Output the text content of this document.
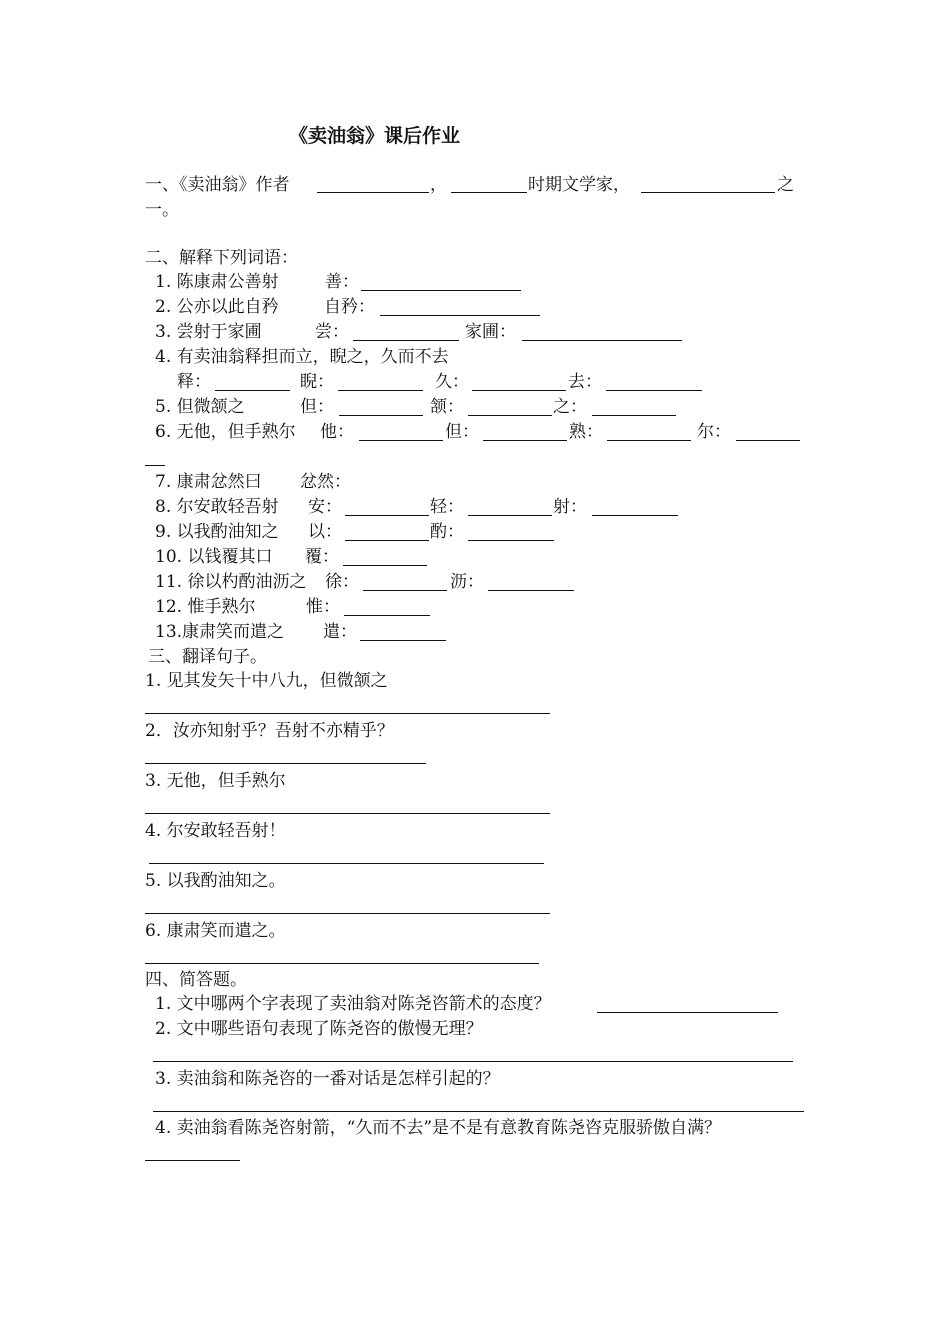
《卖油翁》课后作业
一、《卖油翁》作者	，	时期文学家，	之
一。
二、解释下列词语：
1. 陈康肃公善射	善：
2. 公亦以此自矜	自矜：
3. 尝射于家圃	尝：	家圃：
4. 有卖油翁释担而立，睨之，久而不去
释：	睨：	久：	去：
5. 但微颔之	但：	颔：	之：
6. 无他，但手熟尔 他：	但：	熟：	尔：
7. 康肃忿然曰 忿然：
8. 尔安敢轻吾射 安：	轻：	射：
9. 以我酌油知之 以：	酌：
10. 以钱覆其口 覆：
11. 徐以杓酌油沥之 徐：	沥：
12. 惟手熟尔	惟：
13.康肃笑而遣之 遣：
三、翻译句子。
1. 见其发矢十中八九，但微颔之
2．汝亦知射乎？吾射不亦精乎？
3. 无他，但手熟尔
4. 尔安敢轻吾射！
5. 以我酌油知之。
6. 康肃笑而遣之。
四、简答题。
1. 文中哪两个字表现了卖油翁对陈尧咨箭术的态度？
2. 文中哪些语句表现了陈尧咨的傲慢无理？
3. 卖油翁和陈尧咨的一番对话是怎样引起的？
4. 卖油翁看陈尧咨射箭，“久而不去”是不是有意教育陈尧咨克服骄傲自满？
